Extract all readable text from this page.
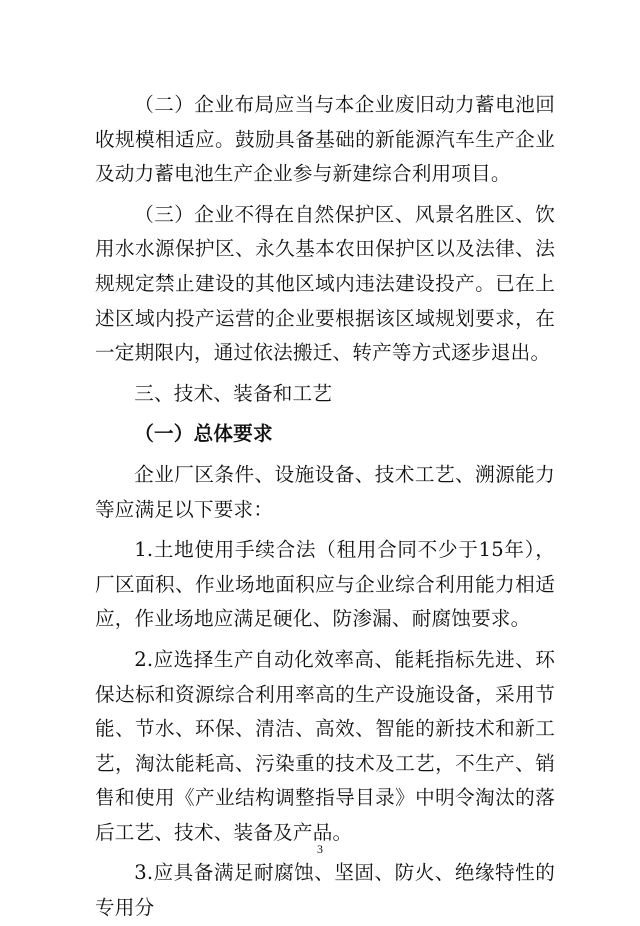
（二）企业布局应当与本企业废旧动力蓄电池回收规模相适应。鼓励具备基础的新能源汽车生产企业及动力蓄电池生产企业参与新建综合利用项目。

（三）企业不得在自然保护区、风景名胜区、饮用水水源保护区、永久基本农田保护区以及法律、法规规定禁止建设的其他区域内违法建设投产。已在上述区域内投产运营的企业要根据该区域规划要求，在一定期限内，通过依法搬迁、转产等方式逐步退出。

三、技术、装备和工艺

（一）总体要求

企业厂区条件、设施设备、技术工艺、溯源能力等应满足以下要求：

1.土地使用手续合法（租用合同不少于15年），厂区面积、作业场地面积应与企业综合利用能力相适应，作业场地应满足硬化、防渗漏、耐腐蚀要求。

2.应选择生产自动化效率高、能耗指标先进、环保达标和资源综合利用率高的生产设施设备，采用节能、节水、环保、清洁、高效、智能的新技术和新工艺，淘汰能耗高、污染重的技术及工艺，不生产、销售和使用《产业结构调整指导目录》中明令淘汰的落后工艺、技术、装备及产品。

3.应具备满足耐腐蚀、坚固、防火、绝缘特性的专用分

3
